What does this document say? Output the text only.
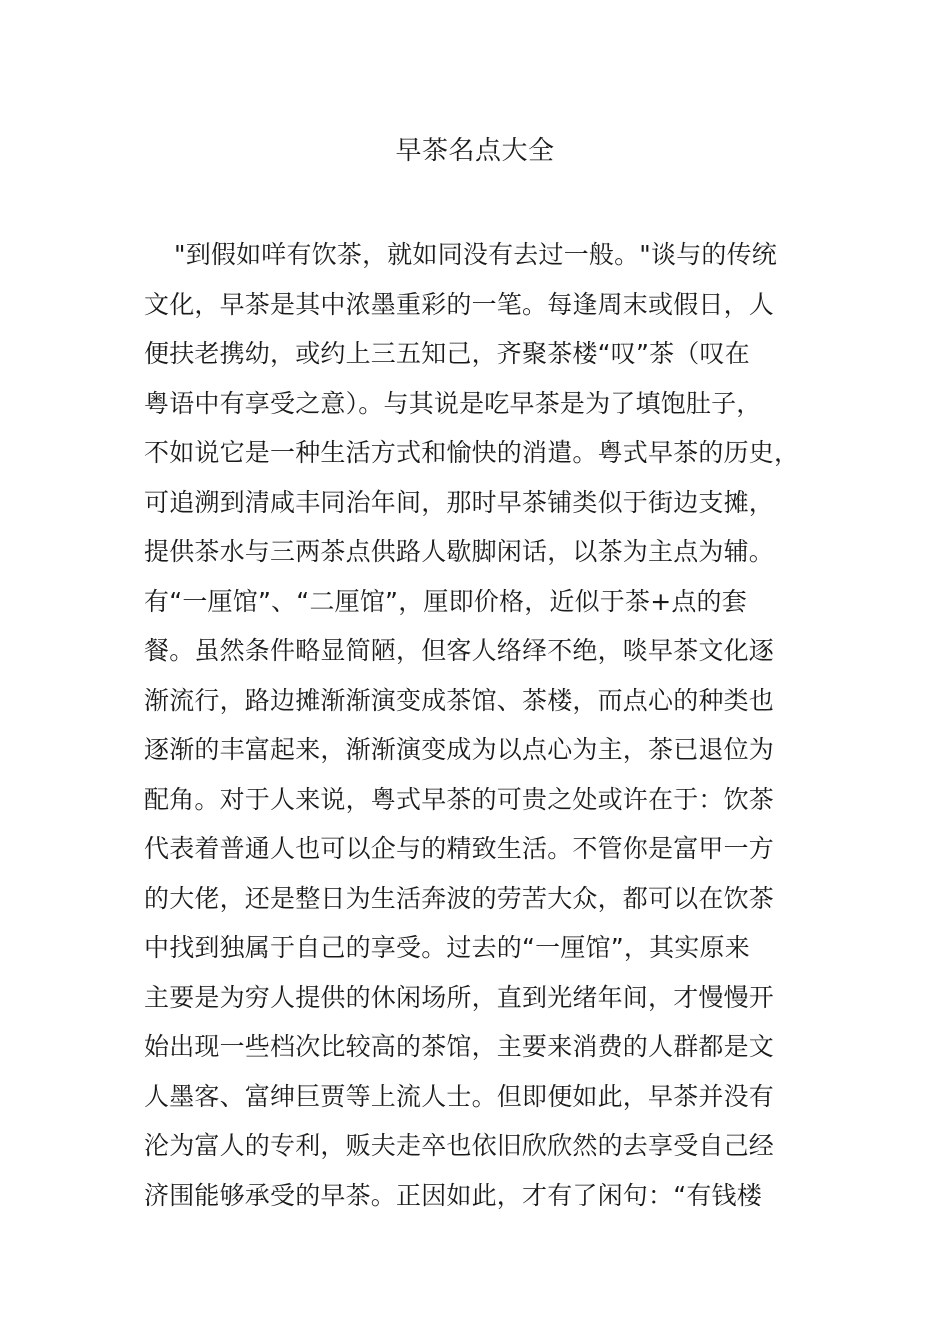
早茶名点大全
"到假如咩有饮茶，就如同没有去过一般。"谈与的传统
文化，早茶是其中浓墨重彩的一笔。每逢周末或假日，人
便扶老携幼，或约上三五知己，齐聚茶楼“叹”茶（叹在
粤语中有享受之意）。与其说是吃早茶是为了填饱肚子，
不如说它是一种生活方式和愉快的消遣。粤式早茶的历史，
可追溯到清咸丰同治年间，那时早茶铺类似于街边支摊，
提供茶水与三两茶点供路人歇脚闲话，以茶为主点为辅。
有“一厘馆”、“二厘馆”，厘即价格，近似于茶+点的套
餐。虽然条件略显简陋，但客人络绎不绝，啖早茶文化逐
渐流行，路边摊渐渐演变成茶馆、茶楼，而点心的种类也
逐渐的丰富起来，渐渐演变成为以点心为主，茶已退位为
配角。对于人来说，粤式早茶的可贵之处或许在于：饮茶
代表着普通人也可以企与的精致生活。不管你是富甲一方
的大佬，还是整日为生活奔波的劳苦大众，都可以在饮茶
中找到独属于自己的享受。过去的“一厘馆”，其实原来
主要是为穷人提供的休闲场所，直到光绪年间，才慢慢开
始出现一些档次比较高的茶馆，主要来消费的人群都是文
人墨客、富绅巨贾等上流人士。但即便如此，早茶并没有
沦为富人的专利，贩夫走卒也依旧欣欣然的去享受自己经
济围能够承受的早茶。正因如此，才有了闲句：“有钱楼
